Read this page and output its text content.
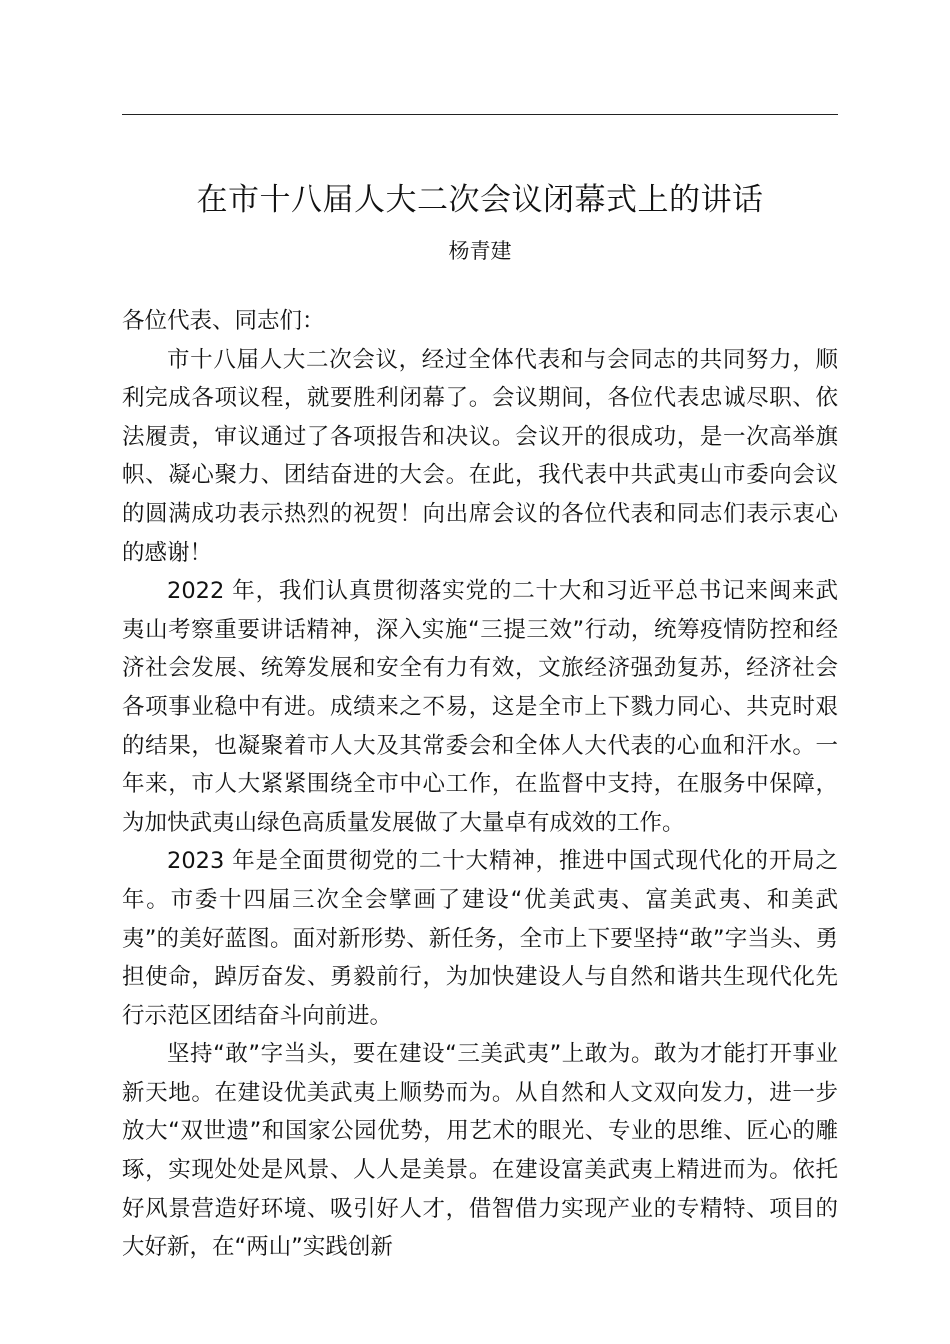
在市十八届人大二次会议闭幕式上的讲话
杨青建

各位代表、同志们：

市十八届人大二次会议，经过全体代表和与会同志的共同努力，顺利完成各项议程，就要胜利闭幕了。会议期间，各位代表忠诚尽职、依法履责，审议通过了各项报告和决议。会议开的很成功，是一次高举旗帜、凝心聚力、团结奋进的大会。在此，我代表中共武夷山市委向会议的圆满成功表示热烈的祝贺！向出席会议的各位代表和同志们表示衷心的感谢！

2022 年，我们认真贯彻落实党的二十大和习近平总书记来闽来武夷山考察重要讲话精神，深入实施“三提三效”行动，统筹疫情防控和经济社会发展、统筹发展和安全有力有效，文旅经济强劲复苏，经济社会各项事业稳中有进。成绩来之不易，这是全市上下戮力同心、共克时艰的结果，也凝聚着市人大及其常委会和全体人大代表的心血和汗水。一年来，市人大紧紧围绕全市中心工作，在监督中支持，在服务中保障，为加快武夷山绿色高质量发展做了大量卓有成效的工作。

2023 年是全面贯彻党的二十大精神，推进中国式现代化的开局之年。市委十四届三次全会擘画了建设“优美武夷、富美武夷、和美武夷”的美好蓝图。面对新形势、新任务，全市上下要坚持“敢”字当头、勇担使命，踔厉奋发、勇毅前行，为加快建设人与自然和谐共生现代化先行示范区团结奋斗向前进。

坚持“敢”字当头，要在建设“三美武夷”上敢为。敢为才能打开事业新天地。在建设优美武夷上顺势而为。从自然和人文双向发力，进一步放大“双世遗”和国家公园优势，用艺术的眼光、专业的思维、匠心的雕琢，实现处处是风景、人人是美景。在建设富美武夷上精进而为。依托好风景营造好环境、吸引好人才，借智借力实现产业的专精特、项目的大好新，在“两山”实践创新
